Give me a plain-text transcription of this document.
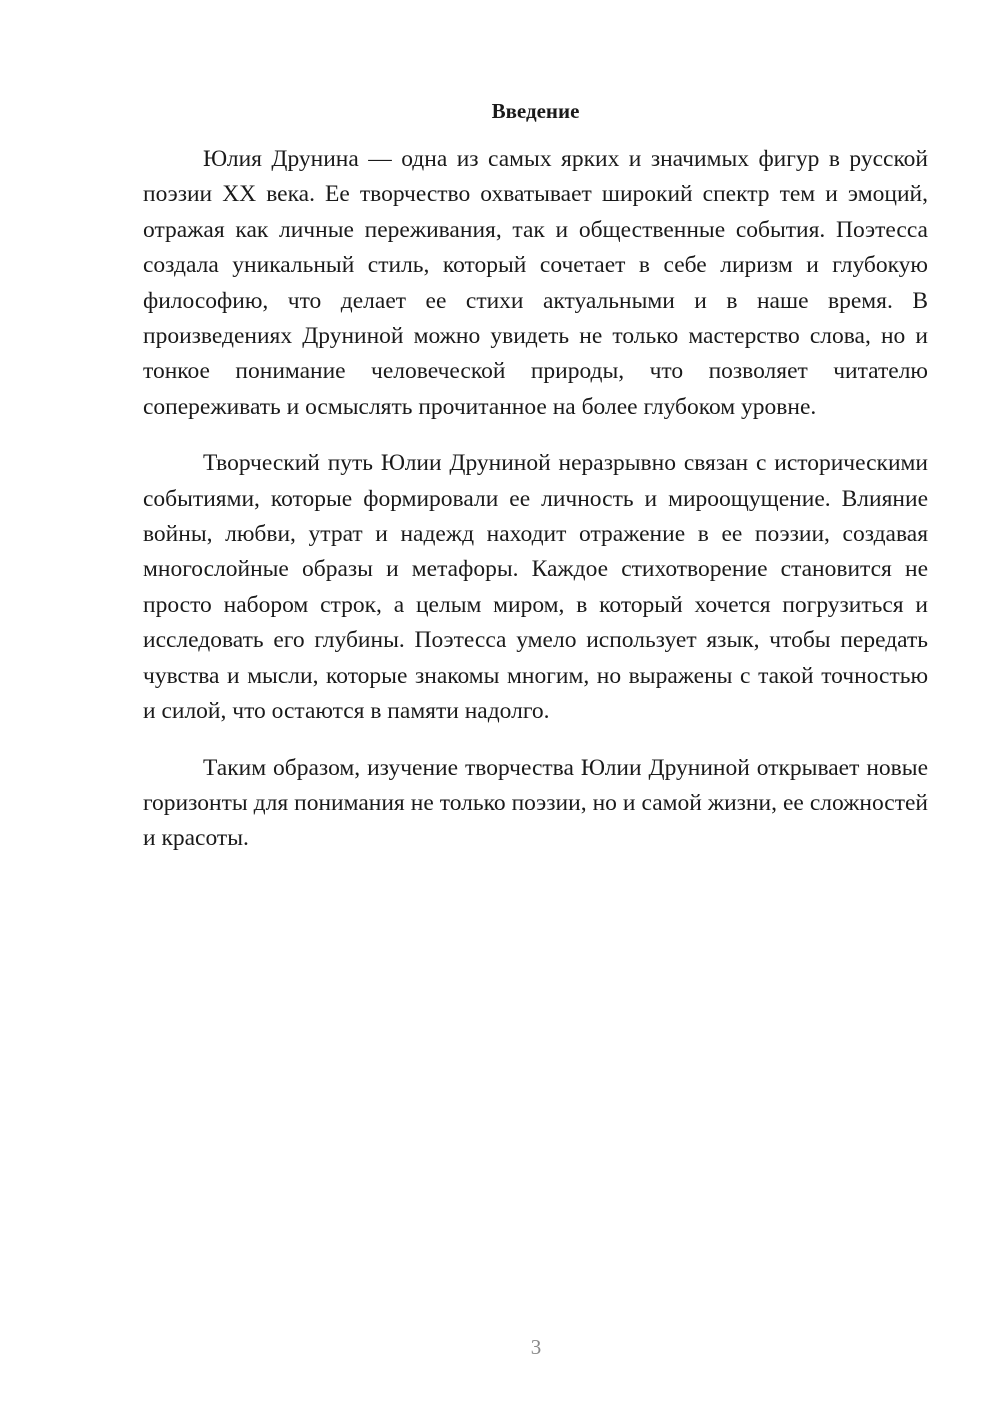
Введение

Юлия Друнина — одна из самых ярких и значимых фигур в русской поэзии XX века. Ее творчество охватывает широкий спектр тем и эмоций, отражая как личные переживания, так и общественные события. Поэтесса создала уникальный стиль, который сочетает в себе лиризм и глубокую философию, что делает ее стихи актуальными и в наше время. В произведениях Друниной можно увидеть не только мастерство слова, но и тонкое понимание человеческой природы, что позволяет читателю сопереживать и осмыслять прочитанное на более глубоком уровне.

Творческий путь Юлии Друниной неразрывно связан с историческими событиями, которые формировали ее личность и мироощущение. Влияние войны, любви, утрат и надежд находит отражение в ее поэзии, создавая многослойные образы и метафоры. Каждое стихотворение становится не просто набором строк, а целым миром, в который хочется погрузиться и исследовать его глубины. Поэтесса умело использует язык, чтобы передать чувства и мысли, которые знакомы многим, но выражены с такой точностью и силой, что остаются в памяти надолго.

Таким образом, изучение творчества Юлии Друниной открывает новые горизонты для понимания не только поэзии, но и самой жизни, ее сложностей и красоты.

3
